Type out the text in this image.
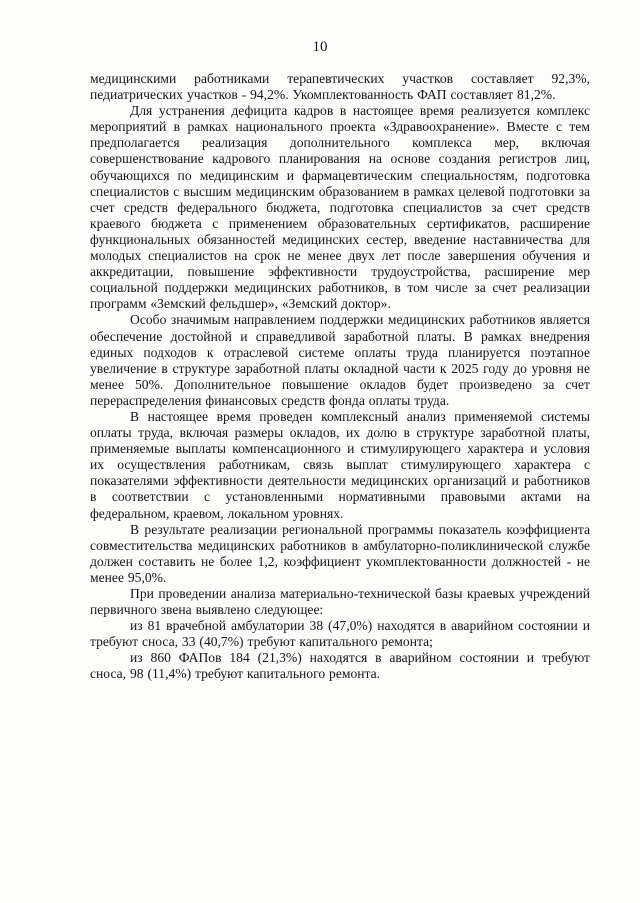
10

медицинскими работниками терапевтических участков составляет 92,3%, педиатрических участков - 94,2%. Укомплектованность ФАП составляет 81,2%.

Для устранения дефицита кадров в настоящее время реализуется комплекс мероприятий в рамках национального проекта «Здравоохранение». Вместе с тем предполагается реализация дополнительного комплекса мер, включая совершенствование кадрового планирования на основе создания регистров лиц, обучающихся по медицинским и фармацевтическим специальностям, подготовка специалистов с высшим медицинским образованием в рамках целевой подготовки за счет средств федерального бюджета, подготовка специалистов за счет средств краевого бюджета с применением образовательных сертификатов, расширение функциональных обязанностей медицинских сестер, введение наставничества для молодых специалистов на срок не менее двух лет после завершения обучения и аккредитации, повышение эффективности трудоустройства, расширение мер социальной поддержки медицинских работников, в том числе за счет реализации программ «Земский фельдшер», «Земский доктор».

Особо значимым направлением поддержки медицинских работников является обеспечение достойной и справедливой заработной платы. В рамках внедрения единых подходов к отраслевой системе оплаты труда планируется поэтапное увеличение в структуре заработной платы окладной части к 2025 году до уровня не менее 50%. Дополнительное повышение окладов будет произведено за счет перераспределения финансовых средств фонда оплаты труда.

В настоящее время проведен комплексный анализ применяемой системы оплаты труда, включая размеры окладов, их долю в структуре заработной платы, применяемые выплаты компенсационного и стимулирующего характера и условия их осуществления работникам, связь выплат стимулирующего характера с показателями эффективности деятельности медицинских организаций и работников в соответствии с установленными нормативными правовыми актами на федеральном, краевом, локальном уровнях.

В результате реализации региональной программы показатель коэффициента совместительства медицинских работников в амбулаторно-поликлинической службе должен составить не более 1,2, коэффициент укомплектованности должностей - не менее 95,0%.

При проведении анализа материально-технической базы краевых учреждений первичного звена выявлено следующее:

из 81 врачебной амбулатории 38 (47,0%) находятся в аварийном состоянии и требуют сноса, 33 (40,7%) требуют капитального ремонта;

из 860 ФАПов 184 (21,3%) находятся в аварийном состоянии и требуют сноса, 98 (11,4%) требуют капитального ремонта.
